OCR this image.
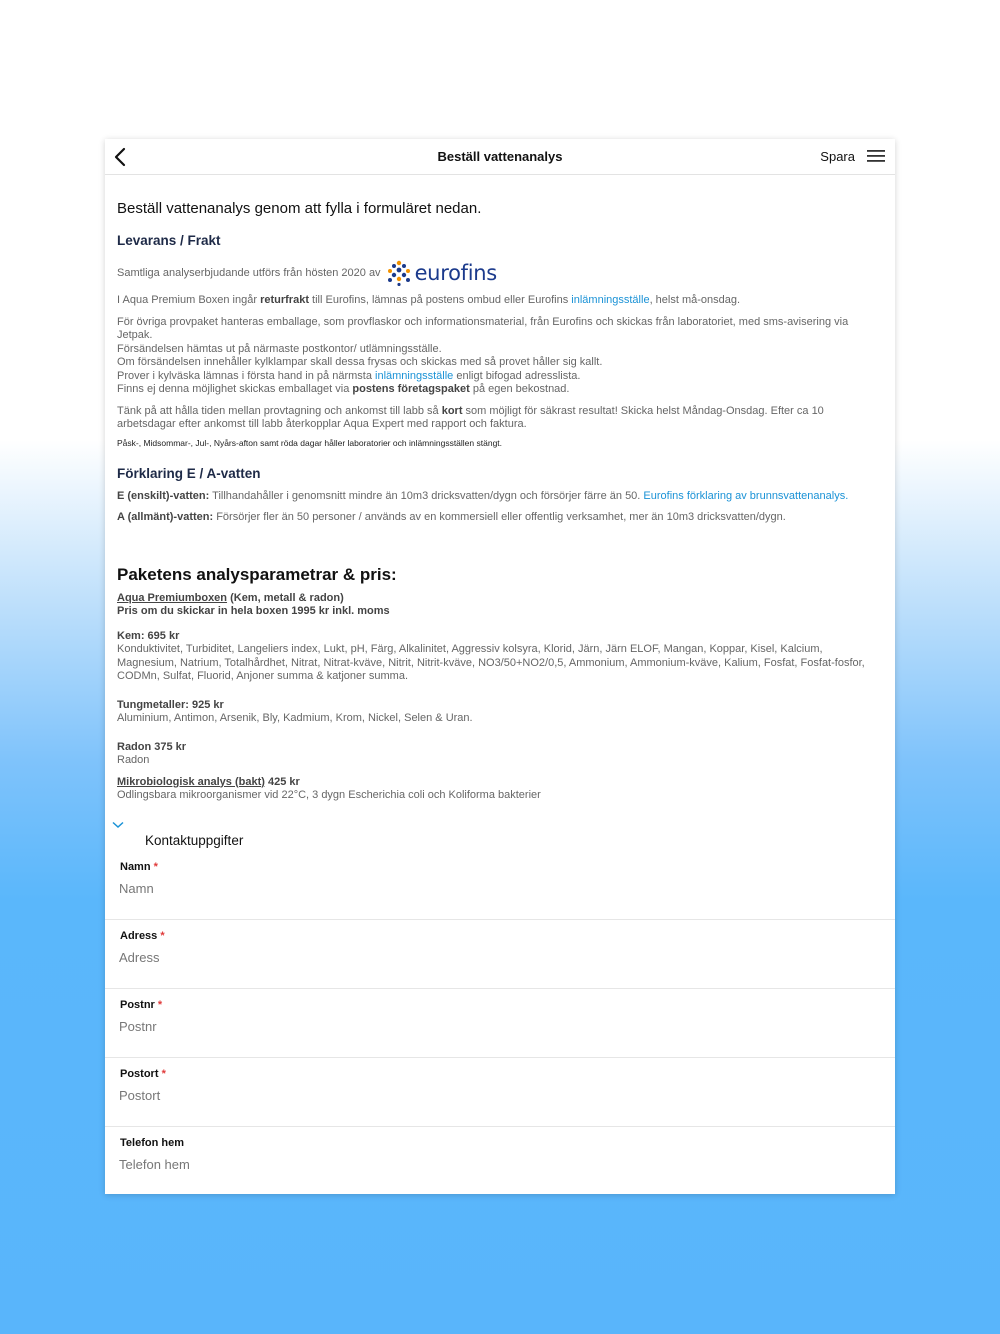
Beställ vattenanalys	Spara
Beställ vattenanalys genom att fylla i formuläret nedan.
Levarans / Frakt
Samtliga analyserbjudande utförs från hösten 2020 av eurofins
I Aqua Premium Boxen ingår returfrakt till Eurofins, lämnas på postens ombud eller Eurofins inlämningsställe, helst må-onsdag.
För övriga provpaket hanteras emballage, som provflaskor och informationsmaterial, från Eurofins och skickas från laboratoriet, med sms-avisering via Jetpak.
Försändelsen hämtas ut på närmaste postkontor/ utlämningsställe.
Om försändelsen innehåller kylklampar skall dessa frysas och skickas med så provet håller sig kallt.
Prover i kylväska lämnas i första hand in på närmsta inlämningsställe enligt bifogad adresslista.
Finns ej denna möjlighet skickas emballaget via postens företagspaket på egen bekostnad.
Tänk på att hålla tiden mellan provtagning och ankomst till labb så kort som möjligt för säkrast resultat! Skicka helst Måndag-Onsdag. Efter ca 10 arbetsdagar efter ankomst till labb återkopplar Aqua Expert med rapport och faktura.
Påsk-, Midsommar-, Jul-, Nyårs-afton samt röda dagar håller laboratorier och inlämningsställen stängt.
Förklaring E / A-vatten
E (enskilt)-vatten: Tillhandahåller i genomsnitt mindre än 10m3 dricksvatten/dygn och försörjer färre än 50. Eurofins förklaring av brunnsvattenanalys.
A (allmänt)-vatten: Försörjer fler än 50 personer / används av en kommersiell eller offentlig verksamhet, mer än 10m3 dricksvatten/dygn.
Paketens analysparametrar & pris:
Aqua Premiumboxen (Kem, metall & radon)
Pris om du skickar in hela boxen 1995 kr inkl. moms
Kem: 695 kr
Konduktivitet, Turbiditet, Langeliers index, Lukt, pH, Färg, Alkalinitet, Aggressiv kolsyra, Klorid, Järn, Järn ELOF, Mangan, Koppar, Kisel, Kalcium, Magnesium, Natrium, Totalhårdhet, Nitrat, Nitrat-kväve, Nitrit, Nitrit-kväve, NO3/50+NO2/0,5, Ammonium, Ammonium-kväve, Kalium, Fosfat, Fosfat-fosfor, CODMn, Sulfat, Fluorid, Anjoner summa & katjoner summa.
Tungmetaller: 925 kr
Aluminium, Antimon, Arsenik, Bly, Kadmium, Krom, Nickel, Selen & Uran.
Radon 375 kr
Radon
Mikrobiologisk analys (bakt) 425 kr
Odlingsbara mikroorganismer vid 22°C, 3 dygn Escherichia coli och Koliforma bakterier
Kontaktuppgifter
Namn *
Namn
Adress *
Adress
Postnr *
Postnr
Postort *
Postort
Telefon hem
Telefon hem
